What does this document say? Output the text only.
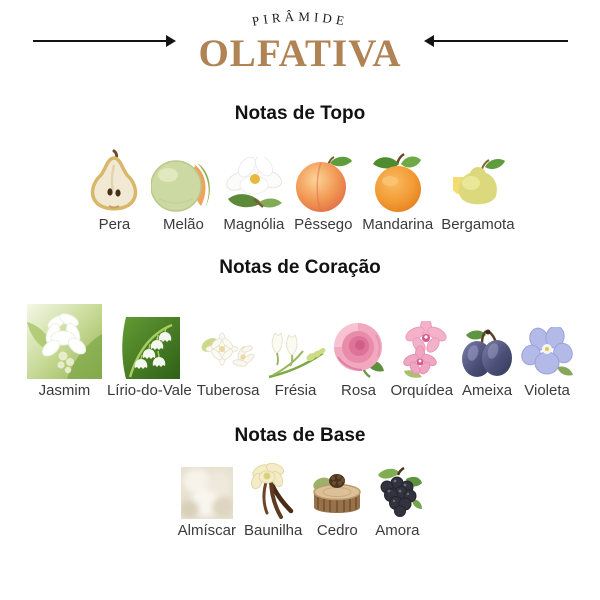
PIRÂMIDE
OLFATIVA
Notas de Topo
Pera Melão Magnólia Pêssego Mandarina Bergamota
Notas de Coração
Jasmim Lírio-do-Vale Tuberosa Frésia Rosa Orquídea Ameixa Violeta
Notas de Base
Almíscar Baunilha Cedro Amora
